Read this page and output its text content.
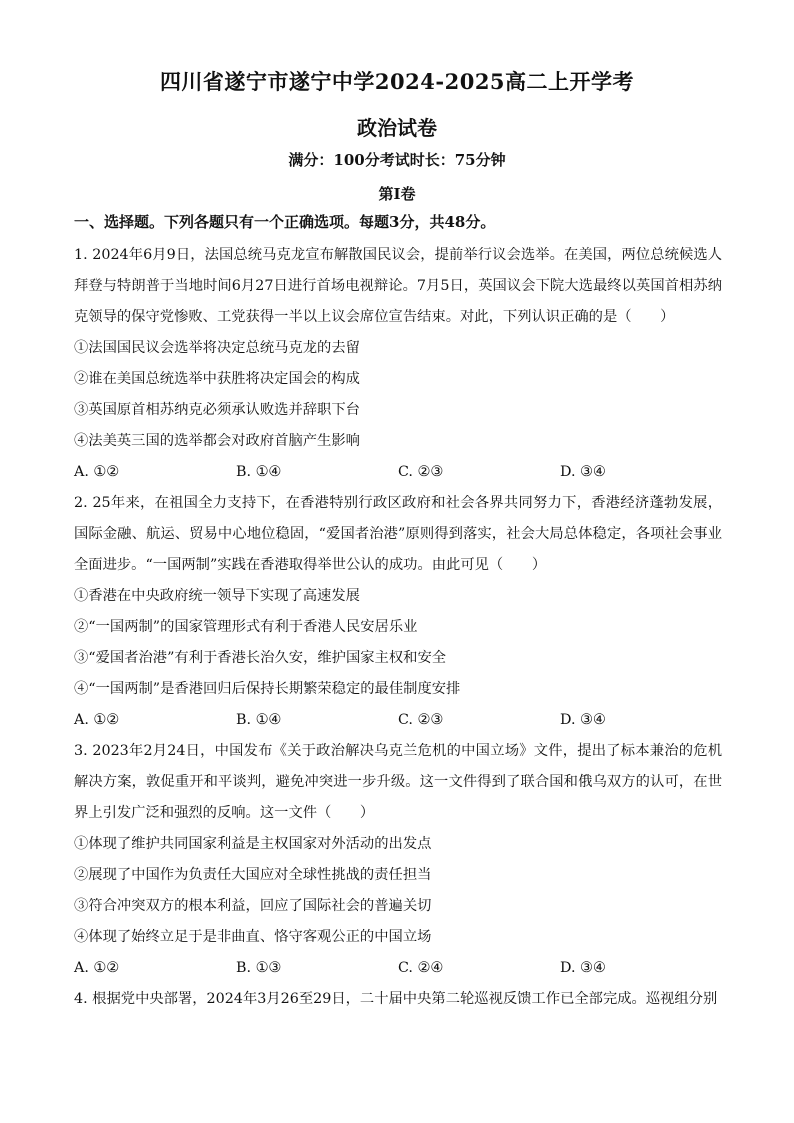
四川省遂宁市遂宁中学2024-2025高二上开学考
政治试卷
满分：100分考试时长：75分钟
第Ⅰ卷
一、选择题。下列各题只有一个正确选项。每题3分，共48分。

1. 2024年6月9日，法国总统马克龙宣布解散国民议会，提前举行议会选举。在美国，两位总统候选人拜登与特朗普于当地时间6月27日进行首场电视辩论。7月5日，英国议会下院大选最终以英国首相苏纳克领导的保守党惨败、工党获得一半以上议会席位宣告结束。对此，下列认识正确的是（　　）

①法国国民议会选举将决定总统马克龙的去留

②谁在美国总统选举中获胜将决定国会的构成

③英国原首相苏纳克必须承认败选并辞职下台

④法美英三国的选举都会对政府首脑产生影响

A. ①②	B. ①④	C. ②③	D. ③④

2. 25年来，在祖国全力支持下，在香港特别行政区政府和社会各界共同努力下，香港经济蓬勃发展，国际金融、航运、贸易中心地位稳固，“爱国者治港”原则得到落实，社会大局总体稳定，各项社会事业全面进步。“一国两制”实践在香港取得举世公认的成功。由此可见（　　）

①香港在中央政府统一领导下实现了高速发展

②“一国两制”的国家管理形式有利于香港人民安居乐业

③“爱国者治港”有利于香港长治久安，维护国家主权和安全

④“一国两制”是香港回归后保持长期繁荣稳定的最佳制度安排

A. ①②	B. ①④	C. ②③	D. ③④

3. 2023年2月24日，中国发布《关于政治解决乌克兰危机的中国立场》文件，提出了标本兼治的危机解决方案，敦促重开和平谈判，避免冲突进一步升级。这一文件得到了联合国和俄乌双方的认可，在世界上引发广泛和强烈的反响。这一文件（　　）

①体现了维护共同国家利益是主权国家对外活动的出发点

②展现了中国作为负责任大国应对全球性挑战的责任担当

③符合冲突双方的根本利益，回应了国际社会的普遍关切

④体现了始终立足于是非曲直、恪守客观公正的中国立场

A. ①②	B. ①③	C. ②④	D. ③④

4. 根据党中央部署，2024年3月26至29日，二十届中央第二轮巡视反馈工作已全部完成。巡视组分别
